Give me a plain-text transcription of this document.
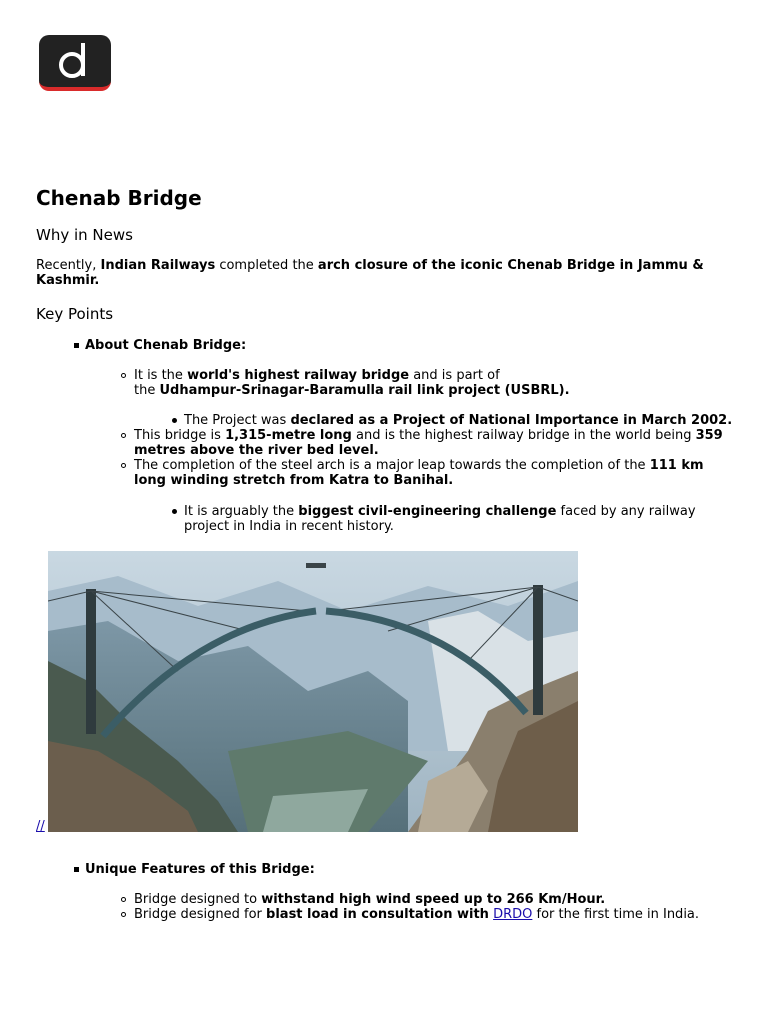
Chenab Bridge
Why in News

Recently, Indian Railways completed the arch closure of the iconic Chenab Bridge in Jammu & Kashmir.

Key Points

About Chenab Bridge:

It is the world's highest railway bridge and is part of

the Udhampur-Srinagar-Baramulla rail link project (USBRL).

The Project was declared as a Project of National Importance in March 2002.

This bridge is 1,315-metre long and is the highest railway bridge in the world being 359

metres above the river bed level.

The completion of the steel arch is a major leap towards the completion of the 111 km

long winding stretch from Katra to Banihal.

It is arguably the biggest civil-engineering challenge faced by any railway

project in India in recent history.

//

Unique Features of this Bridge:

Bridge designed to withstand high wind speed up to 266 Km/Hour.

Bridge designed for blast load in consultation with DRDO for the first time in India.
